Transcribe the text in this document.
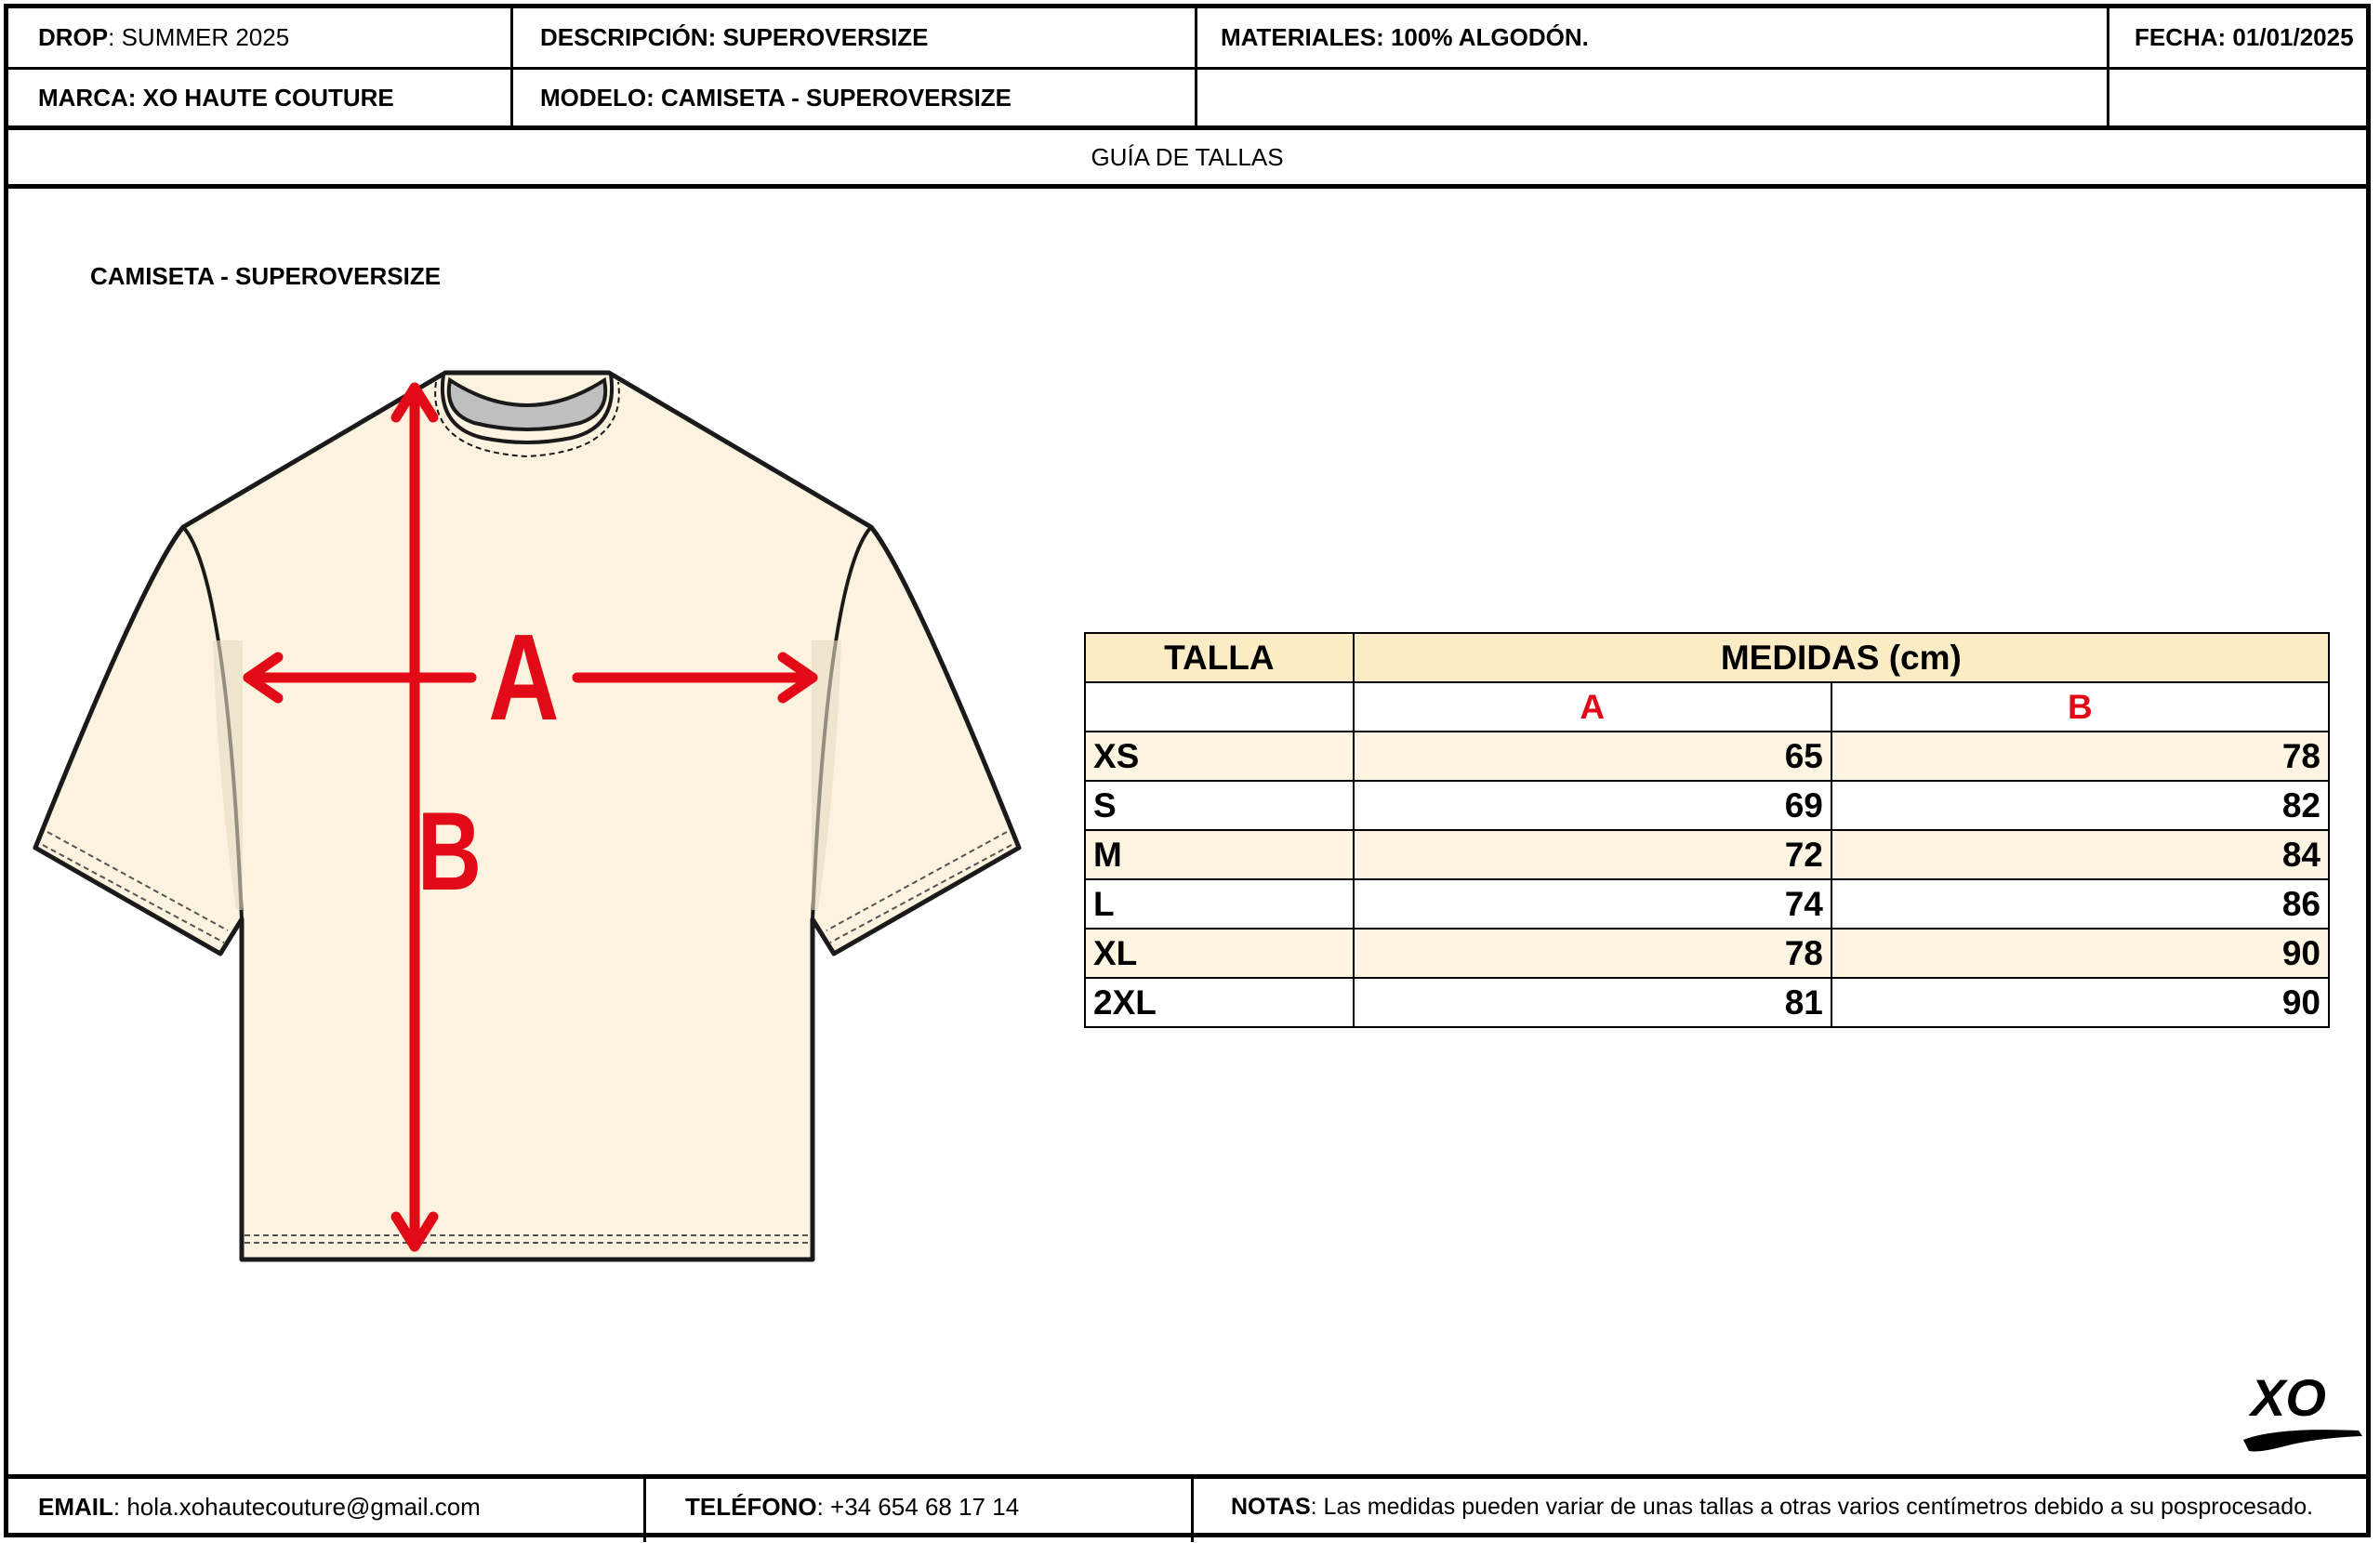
DROP : SUMMER 2025	DESCRIPCIÓN: SUPEROVERSIZE	MATERIALES: 100% ALGODÓN.	FECHA: 01/01/2025
MARCA: XO HAUTE COUTURE	MODELO: CAMISETA - SUPEROVERSIZE
GUÍA DE TALLAS
CAMISETA - SUPEROVERSIZE
A
B
TALLA	MEDIDAS (cm)	
	A	B
XS	65	78
S	69	82
M	72	84
L	74	86
XL	78	90
2XL	81	90
XO
EMAIL : hola.xohautecouture@gmail.com	TELÉFONO : +34 654 68 17 14	NOTAS : Las medidas pueden variar de unas tallas a otras varios centímetros debido a su posprocesado.
